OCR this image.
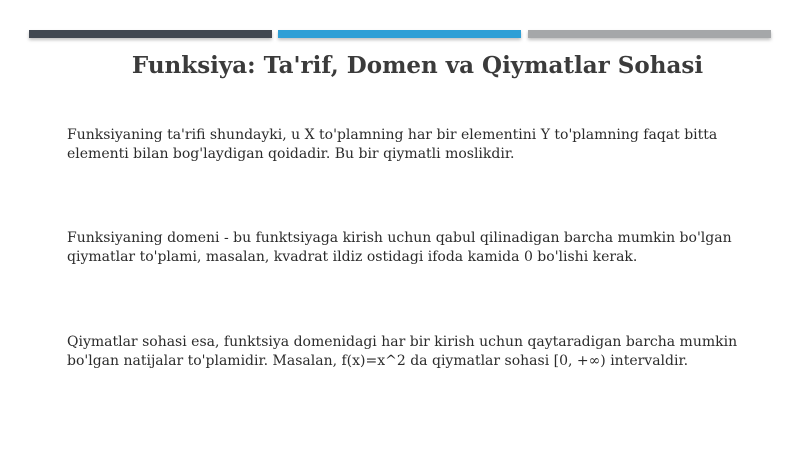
Funksiya: Ta'rif, Domen va Qiymatlar Sohasi

Funksiyaning ta'rifi shundayki, u X to'plamning har bir elementini Y to'plamning faqat bitta elementi bilan bog'laydigan qoidadir. Bu bir qiymatli moslikdir.

Funksiyaning domeni - bu funktsiyaga kirish uchun qabul qilinadigan barcha mumkin bo'lgan qiymatlar to'plami, masalan, kvadrat ildiz ostidagi ifoda kamida 0 bo'lishi kerak.

Qiymatlar sohasi esa, funktsiya domenidagi har bir kirish uchun qaytaradigan barcha mumkin bo'lgan natijalar to'plamidir. Masalan, f(x)=x^2 da qiymatlar sohasi [0, +∞) intervaldir.
